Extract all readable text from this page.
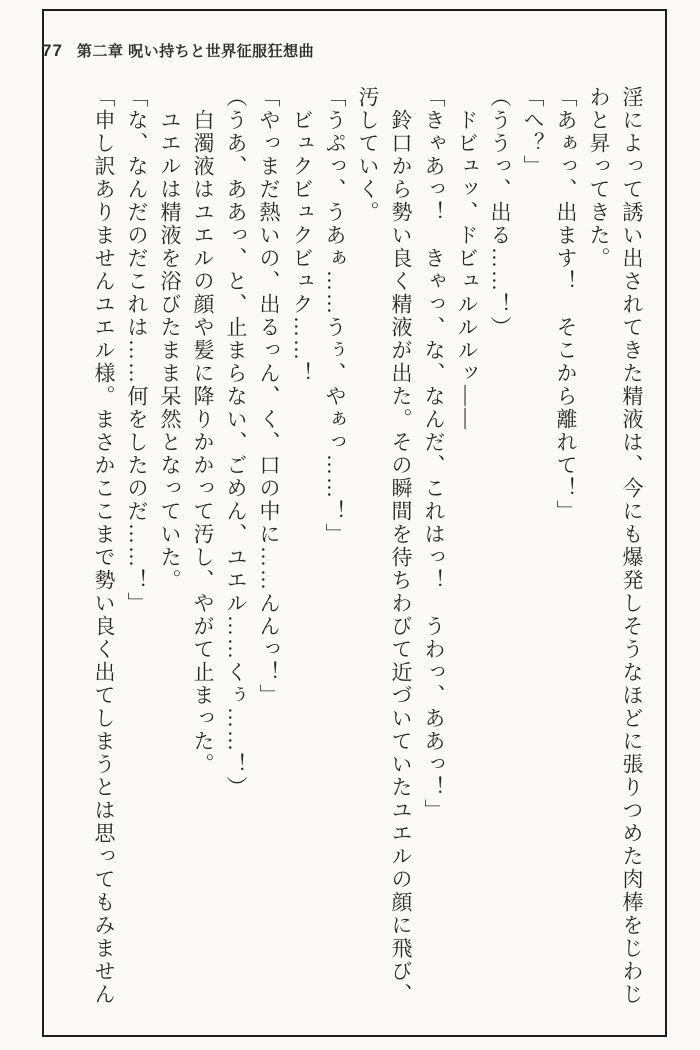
77 第二章 呪い持ちと世界征服狂想曲

淫によって誘い出されてきた精液は、今にも爆発しそうなほどに張りつめた肉棒をじわじ

わと昇ってきた。

「あぁっ、出ます！　そこから離れて！」

「へ？」

（ううっ、出る……！）

　ドビュッ、ドビュルルルッ――

「きゃあっ！　きゃっ、な、なんだ、これはっ！　うわっ、ああっ！」

　鈴口から勢い良く精液が出た。その瞬間を待ちわびて近づいていたユエルの顔に飛び、

汚していく。

「うぷっ、うあぁ……うぅ、やぁっ……！」

　ビュクビュクビュク……！

「やっまだ熱いの、出るっん、く、口の中に……んんっ！」

（うあ、ああっ、と、止まらない、ごめん、ユエル……くぅ……！）

　白濁液はユエルの顔や髪に降りかかって汚し、やがて止まった。

　ユエルは精液を浴びたまま呆然となっていた。

「な、なんだのだこれは……何をしたのだ……！」

「申し訳ありませんユエル様。まさかここまで勢い良く出てしまうとは思ってもみません
